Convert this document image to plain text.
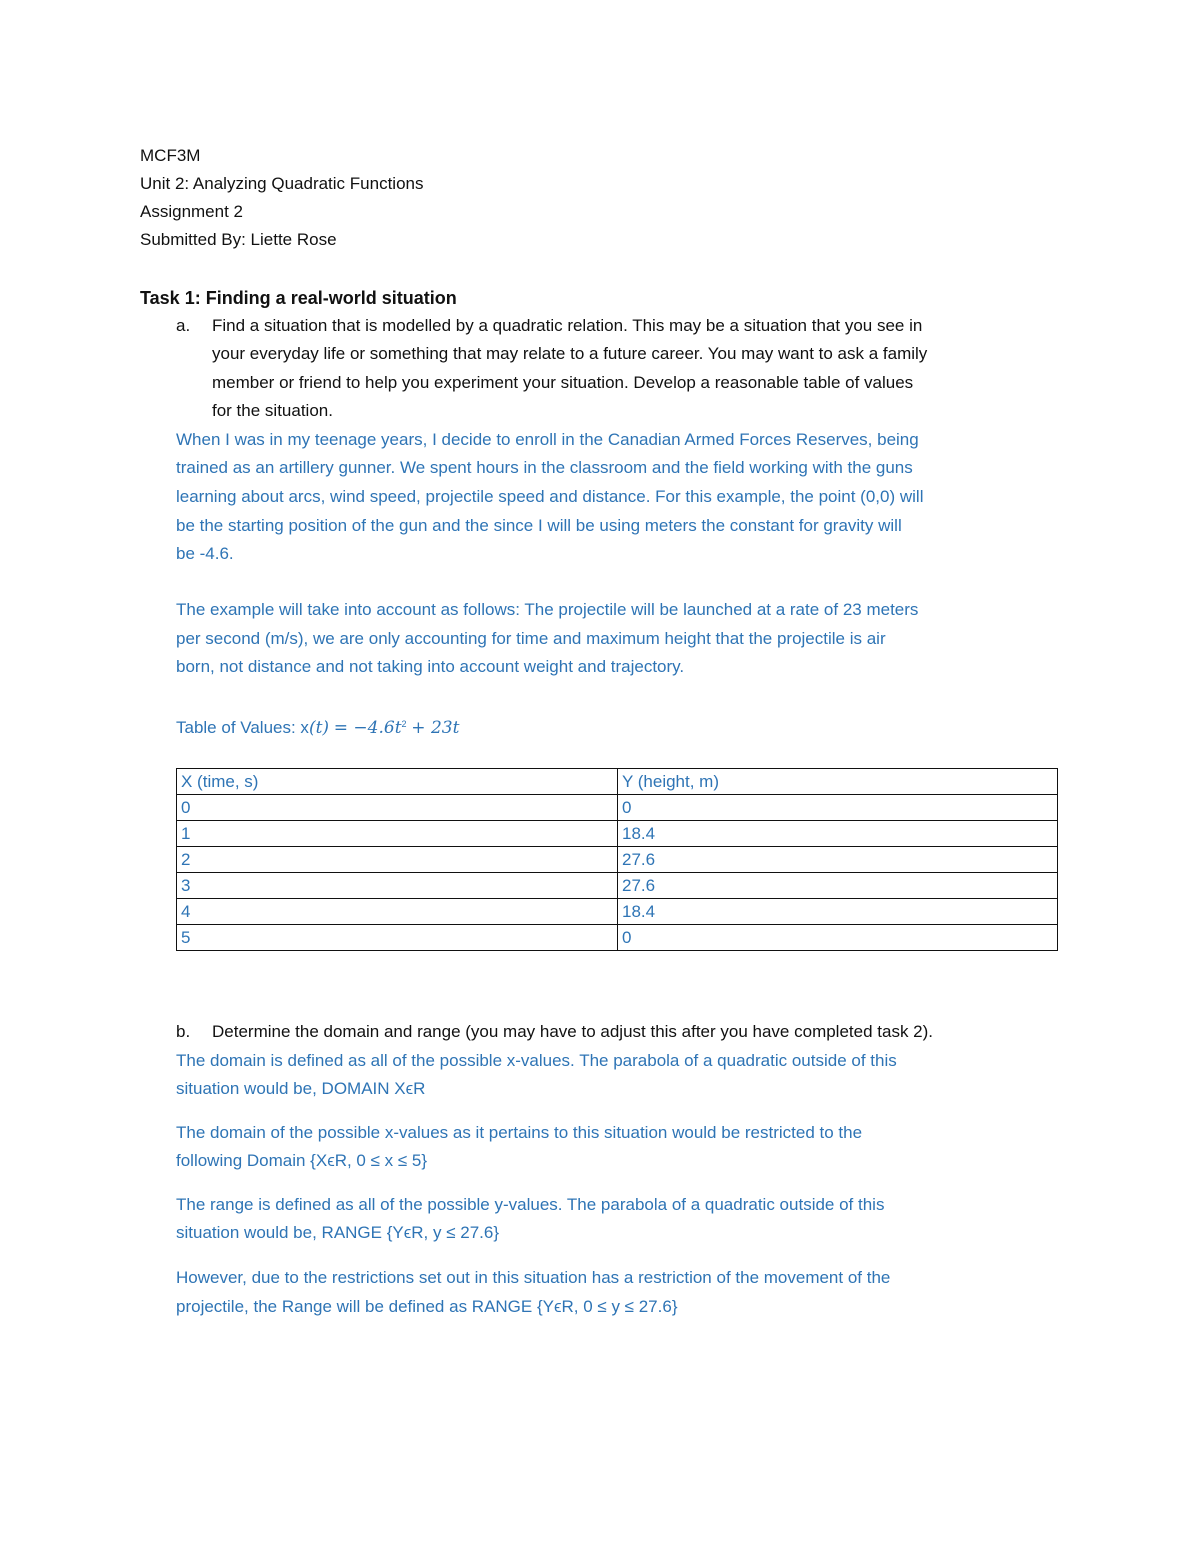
MCF3M
Unit 2: Analyzing Quadratic Functions
Assignment 2
Submitted By: Liette Rose
Task 1: Finding a real-world situation
a. Find a situation that is modelled by a quadratic relation. This may be a situation that you see in
your everyday life or something that may relate to a future career. You may want to ask a family
member or friend to help you experiment your situation. Develop a reasonable table of values
for the situation.
When I was in my teenage years, I decide to enroll in the Canadian Armed Forces Reserves, being
trained as an artillery gunner. We spent hours in the classroom and the field working with the guns
learning about arcs, wind speed, projectile speed and distance. For this example, the point (0,0) will
be the starting position of the gun and the since I will be using meters the constant for gravity will
be -4.6.
The example will take into account as follows: The projectile will be launched at a rate of 23 meters
per second (m/s), we are only accounting for time and maximum height that the projectile is air
born, not distance and not taking into account weight and trajectory.
Table of Values: $x(t) = -4.6t^2 + 23t$
X (time, s)	Y (height, m)
0	0
1	18.4
2	27.6
3	27.6
4	18.4
5	0
b. Determine the domain and range (you may have to adjust this after you have completed task 2).
The domain is defined as all of the possible x-values. The parabola of a quadratic outside of this
situation would be, DOMAIN XϵR
The domain of the possible x-values as it pertains to this situation would be restricted to the
following Domain {XϵR, 0 ≤ x ≤ 5}
The range is defined as all of the possible y-values. The parabola of a quadratic outside of this
situation would be, RANGE {YϵR, y ≤ 27.6}
However, due to the restrictions set out in this situation has a restriction of the movement of the
projectile, the Range will be defined as RANGE {YϵR, 0 ≤ y ≤ 27.6}
